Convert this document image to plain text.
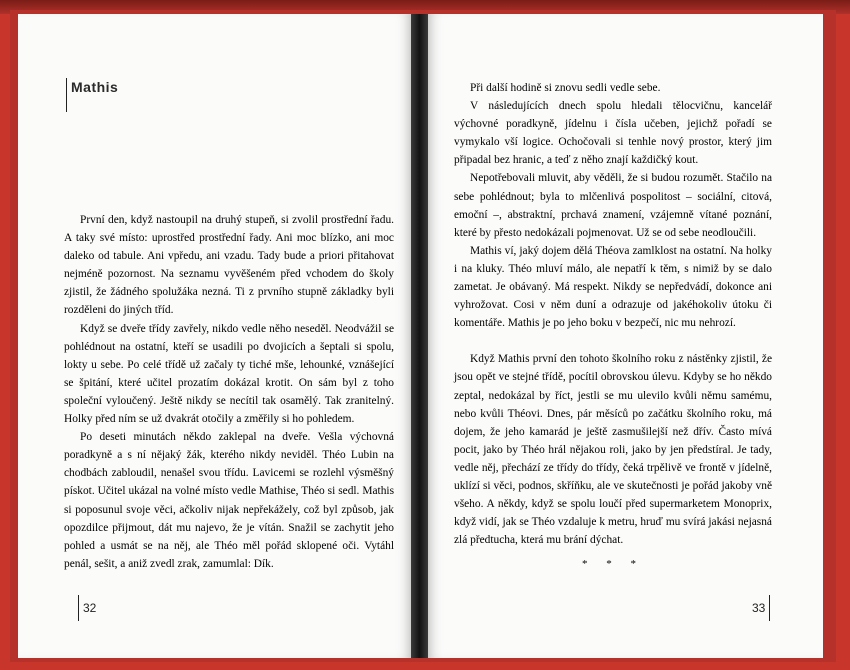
Mathis

První den, když nastoupil na druhý stupeň, si zvolil prostřední řadu. A taky své místo: uprostřed prostřední řady. Ani moc blízko, ani moc daleko od tabule. Ani vpředu, ani vzadu. Tady bude a priori přitahovat nejméně pozornost. Na seznamu vyvěšeném před vchodem do školy zjistil, že žádného spolužáka nezná. Ti z prvního stupně základky byli rozděleni do jiných tříd.

Když se dveře třídy zavřely, nikdo vedle něho neseděl. Neodvážil se pohlédnout na ostatní, kteří se usadili po dvojicích a šeptali si spolu, lokty u sebe. Po celé třídě už začaly ty tiché mše, lehounké, vznášející se špitání, které učitel prozatím dokázal krotit. On sám byl z toho společní vyloučený. Ještě nikdy se necítil tak osamělý. Tak zranitelný. Holky před ním se už dvakrát otočily a změřily si ho pohledem.

Po deseti minutách někdo zaklepal na dveře. Vešla výchovná poradkyně a s ní nějaký žák, kterého nikdy neviděl. Théo Lubin na chodbách zabloudil, nenašel svou třídu. Lavicemi se rozlehl výsměšný pískot. Učitel ukázal na volné místo vedle Mathise, Théo si sedl. Mathis si poposunul svoje věci, ačkoliv nijak nepřekážely, což byl způsob, jak opozdilce přijmout, dát mu najevo, že je vítán. Snažil se zachytit jeho pohled a usmát se na něj, ale Théo měl pořád sklopené oči. Vytáhl penál, sešit, a aniž zvedl zrak, zamumlal: Dík.

Při další hodině si znovu sedli vedle sebe.

V následujících dnech spolu hledali tělocvičnu, kancelář výchovné poradkyně, jídelnu i čísla učeben, jejichž pořadí se vymykalo vší logice. Ochočovali si tenhle nový prostor, který jim připadal bez hranic, a teď z něho znají každičký kout.

Nepotřebovali mluvit, aby věděli, že si budou rozumět. Stačilo na sebe pohlédnout; byla to mlčenlivá pospolitost – sociální, citová, emoční –, abstraktní, prchavá znamení, vzájemně vítané poznání, které by přesto nedokázali pojmenovat. Už se od sebe neodloučili.

Mathis ví, jaký dojem dělá Théova zamlklost na ostatní. Na holky i na kluky. Théo mluví málo, ale nepatří k těm, s nimiž by se dalo zametat. Je obávaný. Má respekt. Nikdy se nepředvádí, dokonce ani vyhrožovat. Cosi v něm duní a odrazuje od jakéhokoliv útoku či komentáře. Mathis je po jeho boku v bezpečí, nic mu nehrozí.

Když Mathis první den tohoto školního roku z nástěnky zjistil, že jsou opět ve stejné třídě, pocítil obrovskou úlevu. Kdyby se ho někdo zeptal, nedokázal by říct, jestli se mu ulevilo kvůli němu samému, nebo kvůli Théovi. Dnes, pár měsíců po začátku školního roku, má dojem, že jeho kamarád je ještě zasmušilejší než dřív. Často mívá pocit, jako by Théo hrál nějakou roli, jako by jen předstíral. Je tady, vedle něj, přechází ze třídy do třídy, čeká trpělivě ve frontě v jídelně, uklízí si věci, podnos, skříňku, ale ve skutečnosti je pořád jakoby vně všeho. A někdy, když se spolu loučí před supermarketem Monoprix, když vidí, jak se Théo vzdaluje k metru, hruď mu svírá jakási nejasná zlá předtucha, která mu brání dýchat.

* * *
32	33
